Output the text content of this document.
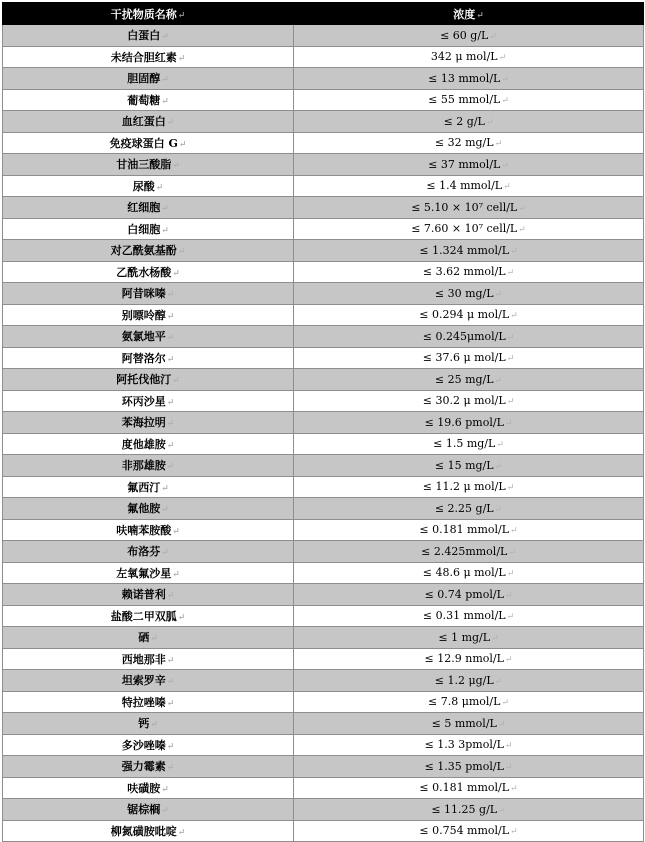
干扰物质名称↵	浓度↵
白蛋白↵	≤ 60 g/L↵
未结合胆红素↵	342 μ mol/L↵
胆固醇↵	≤ 13 mmol/L↵
葡萄糖↵	≤ 55 mmol/L↵
血红蛋白↵	≤ 2 g/L↵
免疫球蛋白 G↵	≤ 32 mg/L↵
甘油三酸脂↵	≤ 37 mmol/L↵
尿酸↵	≤ 1.4 mmol/L↵
红细胞↵	≤ 5.10 × 10⁷ cell/L↵
白细胞↵	≤ 7.60 × 10⁷ cell/L↵
对乙酰氨基酚↵	≤ 1.324 mmol/L↵
乙酰水杨酸↵	≤ 3.62 mmol/L↵
阿昔咪嗪↵	≤ 30 mg/L↵
别嘌呤醇↵	≤ 0.294 μ mol/L↵
氨氯地平↵	≤ 0.245μmol/L↵
阿替洛尔↵	≤ 37.6 μ mol/L↵
阿托伐他汀↵	≤ 25 mg/L↵
环丙沙星↵	≤ 30.2 μ mol/L↵
苯海拉明↵	≤ 19.6 pmol/L↵
度他雄胺↵	≤ 1.5 mg/L↵
非那雄胺↵	≤ 15 mg/L↵
氟西汀↵	≤ 11.2 μ mol/L↵
氟他胺↵	≤ 2.25 g/L↵
呋喃苯胺酸↵	≤ 0.181 mmol/L↵
布洛芬↵	≤ 2.425mmol/L↵
左氧氟沙星↵	≤ 48.6 μ mol/L↵
赖诺普利↵	≤ 0.74 pmol/L↵
盐酸二甲双胍↵	≤ 0.31 mmol/L↵
硒↵	≤ 1 mg/L↵
西地那非↵	≤ 12.9 nmol/L↵
坦索罗辛↵	≤ 1.2 μg/L↵
特拉唑嗪↵	≤ 7.8 μmol/L↵
钙↵	≤ 5 mmol/L↵
多沙唑嗪↵	≤ 1.3 3pmol/L↵
强力霉素↵	≤ 1.35 pmol/L↵
呋磺胺↵	≤ 0.181 mmol/L↵
锯棕榈↵	≤ 11.25 g/L↵
柳氮磺胺吡啶↵	≤ 0.754 mmol/L↵
